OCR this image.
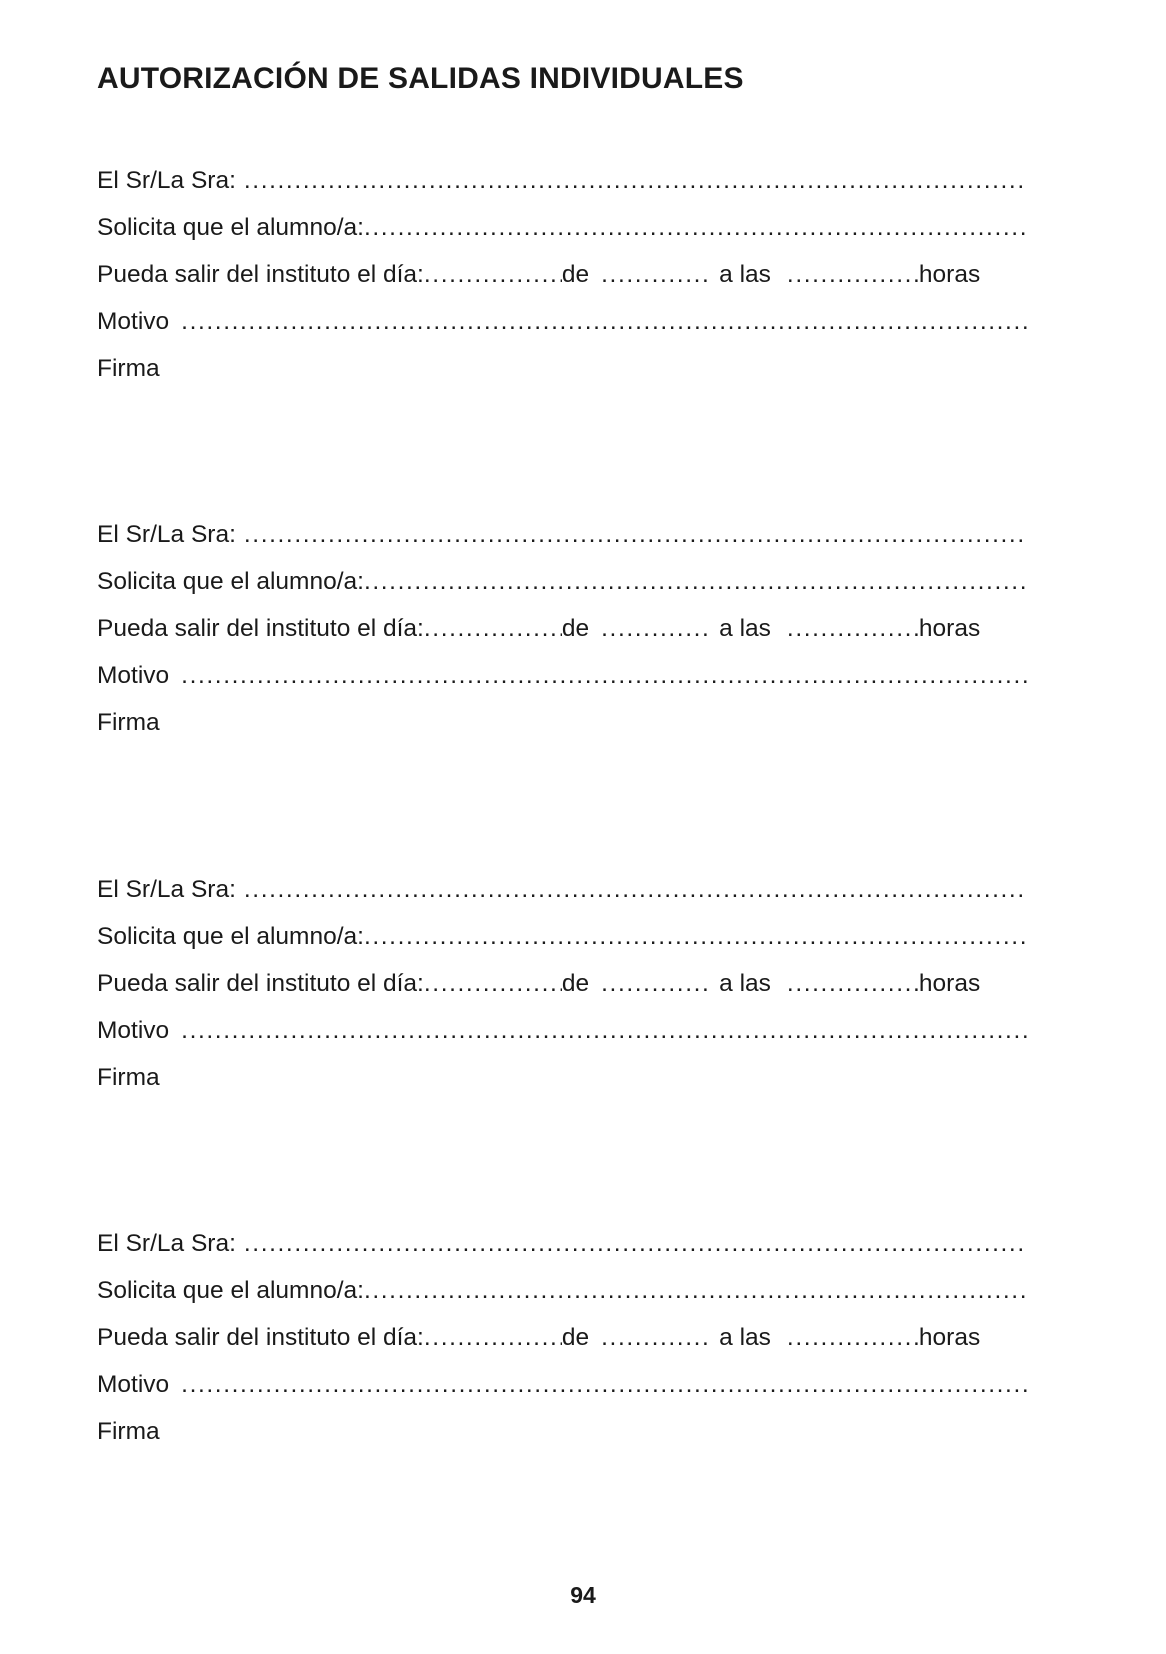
AUTORIZACIÓN DE SALIDAS INDIVIDUALES
El Sr/La Sra:
.....
Solicita que el alumno/a:
.....
Pueda salir del instituto el día: .....	de .....	a las .....	horas
Motivo
.....
Firma
El Sr/La Sra:
.....
Solicita que el alumno/a:
.....
Pueda salir del instituto el día: .....	de .....	a las .....	horas
Motivo
.....
Firma
El Sr/La Sra:
.....
Solicita que el alumno/a:
.....
Pueda salir del instituto el día: .....	de .....	a las .....	horas
Motivo
.....
Firma
El Sr/La Sra:
.....
Solicita que el alumno/a:
.....
Pueda salir del instituto el día: .....	de .....	a las .....	horas
Motivo
.....
Firma
94
